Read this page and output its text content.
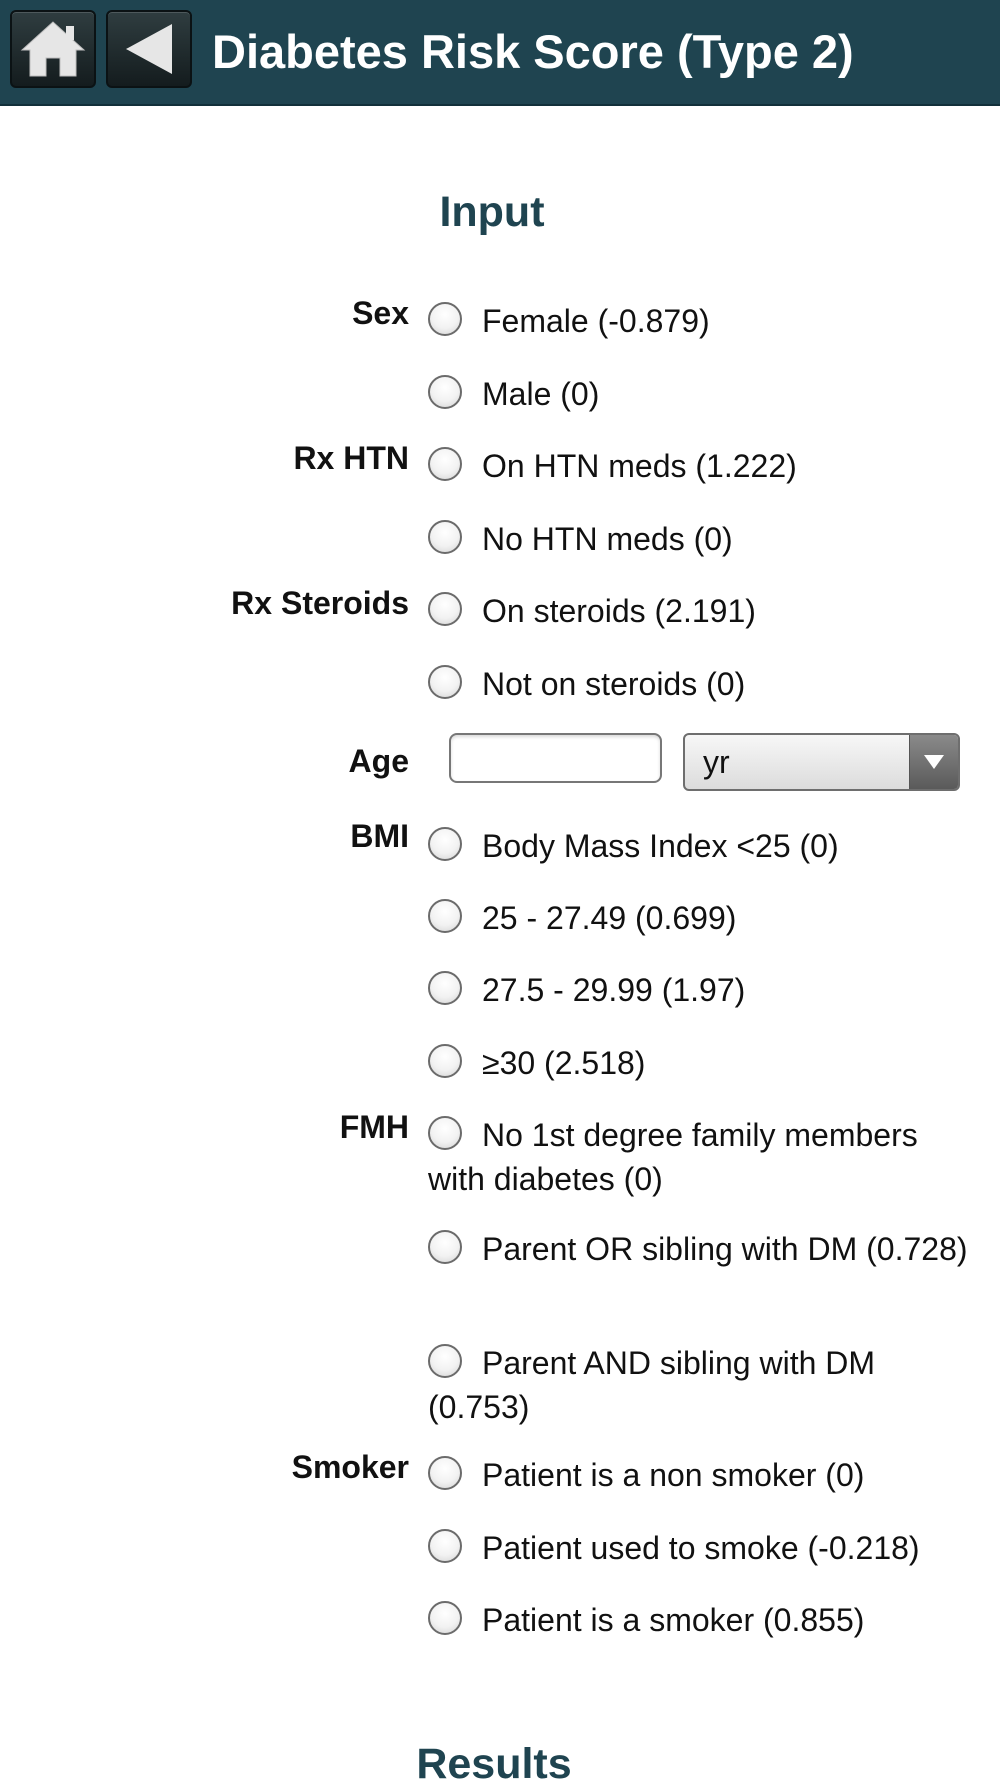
Diabetes Risk Score (Type 2)
Input
Sex	Female (-0.879)
Male (0)
Rx HTN	On HTN meds (1.222)
No HTN meds (0)
Rx Steroids	On steroids (2.191)
Not on steroids (0)
Age	yr
BMI	Body Mass Index <25 (0)
25 - 27.49 (0.699)
27.5 - 29.99 (1.97)
≥30 (2.518)
FMH	No 1st degree family members with diabetes (0)
Parent OR sibling with DM (0.728)
Parent AND sibling with DM (0.753)
Smoker	Patient is a non smoker (0)
Patient used to smoke (-0.218)
Patient is a smoker (0.855)
Results
